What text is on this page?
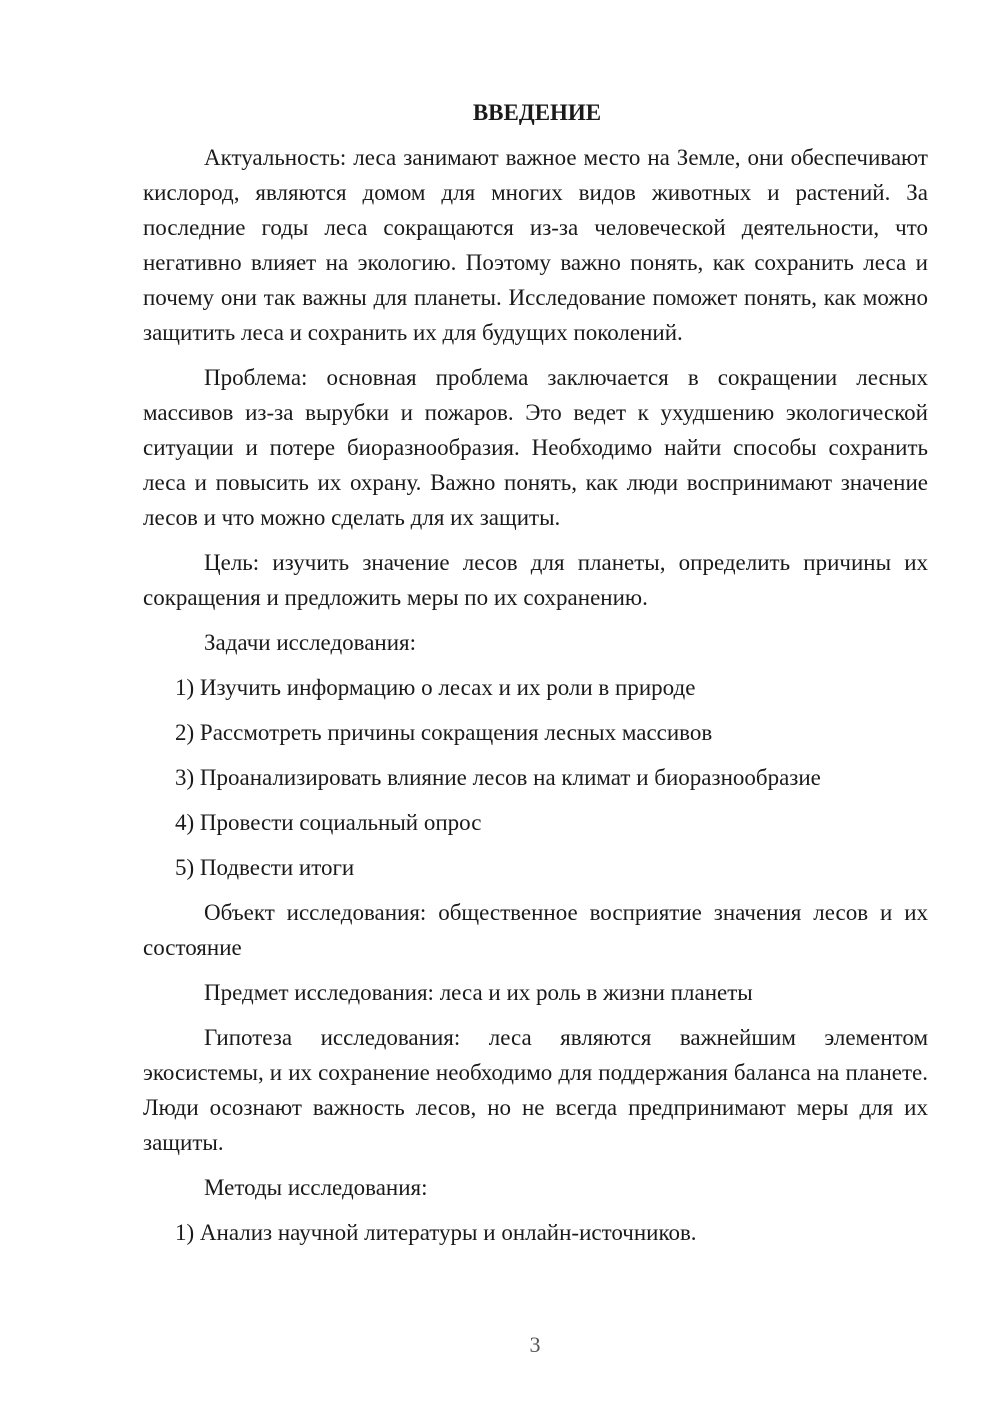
ВВЕДЕНИЕ

Актуальность: леса занимают важное место на Земле, они обеспечивают кислород, являются домом для многих видов животных и растений. За последние годы леса сокращаются из-за человеческой деятельности, что негативно влияет на экологию. Поэтому важно понять, как сохранить леса и почему они так важны для планеты. Исследование поможет понять, как можно защитить леса и сохранить их для будущих поколений.

Проблема: основная проблема заключается в сокращении лесных массивов из-за вырубки и пожаров. Это ведет к ухудшению экологической ситуации и потере биоразнообразия. Необходимо найти способы сохранить леса и повысить их охрану. Важно понять, как люди воспринимают значение лесов и что можно сделать для их защиты.

Цель: изучить значение лесов для планеты, определить причины их сокращения и предложить меры по их сохранению.

Задачи исследования:

1) Изучить информацию о лесах и их роли в природе
2) Рассмотреть причины сокращения лесных массивов
3) Проанализировать влияние лесов на климат и биоразнообразие
4) Провести социальный опрос
5) Подвести итоги

Объект исследования: общественное восприятие значения лесов и их состояние

Предмет исследования: леса и их роль в жизни планеты

Гипотеза исследования: леса являются важнейшим элементом экосистемы, и их сохранение необходимо для поддержания баланса на планете. Люди осознают важность лесов, но не всегда предпринимают меры для их защиты.

Методы исследования:

1) Анализ научной литературы и онлайн-источников.
3
